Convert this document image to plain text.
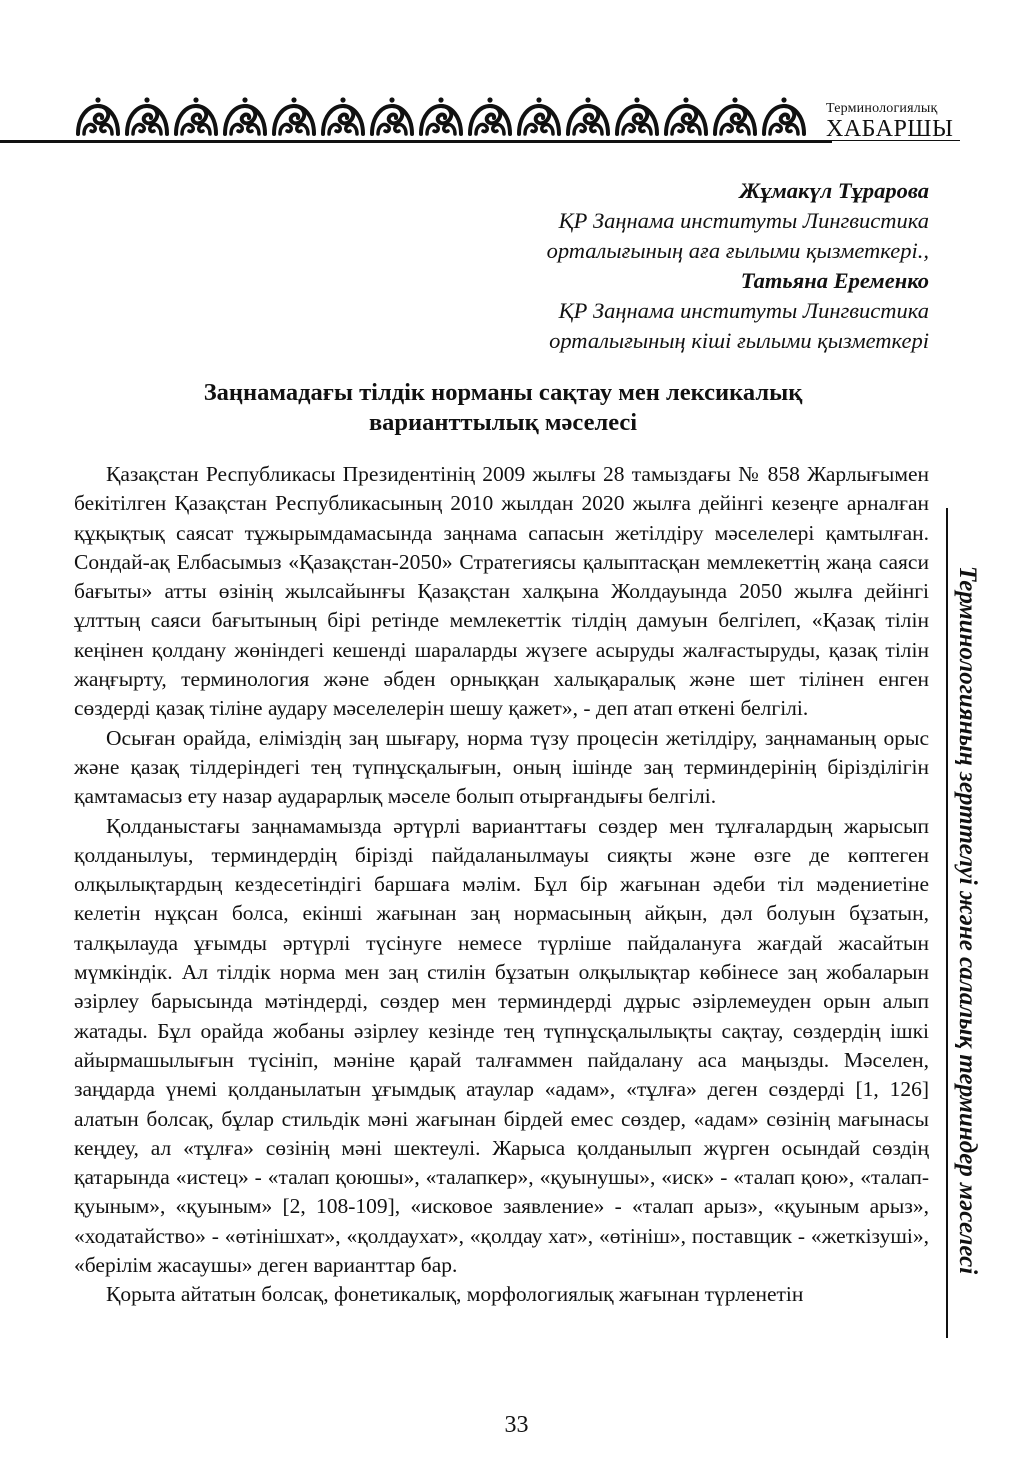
Терминологиялық
ХАБАРШЫ
Жұмакүл Тұрарова
ҚР Заңнама институты Лингвистика
орталығының аға ғылыми қызметкері.,
Татьяна Еременко
ҚР Заңнама институты Лингвистика
орталығының кіші ғылыми қызметкері
Заңнамадағы тілдік норманы сақтау мен лексикалық
варианттылық мәселесі

Қазақстан Республикасы Президентінің 2009 жылғы 28 тамыздағы № 858 Жарлығымен бекітілген Қазақстан Республикасының 2010 жылдан 2020 жылға дейінгі кезеңге арналған құқықтық саясат тұжырымдамасында заңнама сапасын жетілдіру мәселелері қамтылған. Сондай-ақ Елбасымыз «Қазақстан-2050» Стратегиясы қалыптасқан мемлекеттің жаңа саяси бағыты» атты өзінің жылсайынғы Қазақстан халқына Жолдауында 2050 жылға дейінгі ұлттың саяси бағытының бірі ретінде мемлекеттік тілдің дамуын белгілеп, «Қазақ тілін кеңінен қолдану жөніндегі кешенді шараларды жүзеге асыруды жалғастыруды, қазақ тілін жаңғырту, терминология және әбден орныққан халықаралық және шет тілінен енген сөздерді қазақ тіліне аудару мәселелерін шешу қажет», - деп атап өткені белгілі.

Осыған орайда, еліміздің заң шығару, норма түзу процесін жетілдіру, заңнаманың орыс және қазақ тілдеріндегі тең түпнұсқалығын, оның ішінде заң терминдерінің бірізділігін қамтамасыз ету назар аударарлық мәселе болып отырғандығы белгілі.

Қолданыстағы заңнамамызда әртүрлі варианттағы сөздер мен тұлғалардың жарысып қолданылуы, терминдердің бірізді пайдаланылмауы сияқты және өзге де көптеген олқылықтардың кездесетіндігі баршаға мәлім. Бұл бір жағынан әдеби тіл мәдениетіне келетін нұқсан болса, екінші жағынан заң нормасының айқын, дәл болуын бұзатын, талқылауда ұғымды әртүрлі түсінуге немесе түрліше пайдалануға жағдай жасайтын мүмкіндік. Ал тілдік норма мен заң стилін бұзатын олқылықтар көбінесе заң жобаларын әзірлеу барысында мәтіндерді, сөздер мен терминдерді дұрыс әзірлемеуден орын алып жатады. Бұл орайда жобаны әзірлеу кезінде тең түпнұсқалылықты сақтау, сөздердің ішкі айырмашылығын түсініп, мәніне қарай талғаммен пайдалану аса маңызды. Мәселен, заңдарда үнемі қолданылатын ұғымдық атаулар «адам», «тұлға» деген сөздерді [1, 126] алатын болсақ, бұлар стильдік мәні жағынан бірдей емес сөздер, «адам» сөзінің мағынасы кеңдеу, ал «тұлға» сөзінің мәні шектеулі. Жарыса қолданылып жүрген осындай сөздің қатарында «истец» - «талап қоюшы», «талапкер», «қуынушы», «иск» - «талап қою», «талап-қуыным», «қуыным» [2, 108-109], «исковое заявление» - «талап арыз», «қуыным арыз», «ходатайство» - «өтінішхат», «қолдаухат», «қолдау хат», «өтініш», поставщик - «жеткізуші», «берілім жасаушы» деген варианттар бар.

Қорыта айтатын болсақ, фонетикалық, морфологиялық жағынан түрленетін

Терминологияның зерттелуі және салалық терминдер мәселесі
33
